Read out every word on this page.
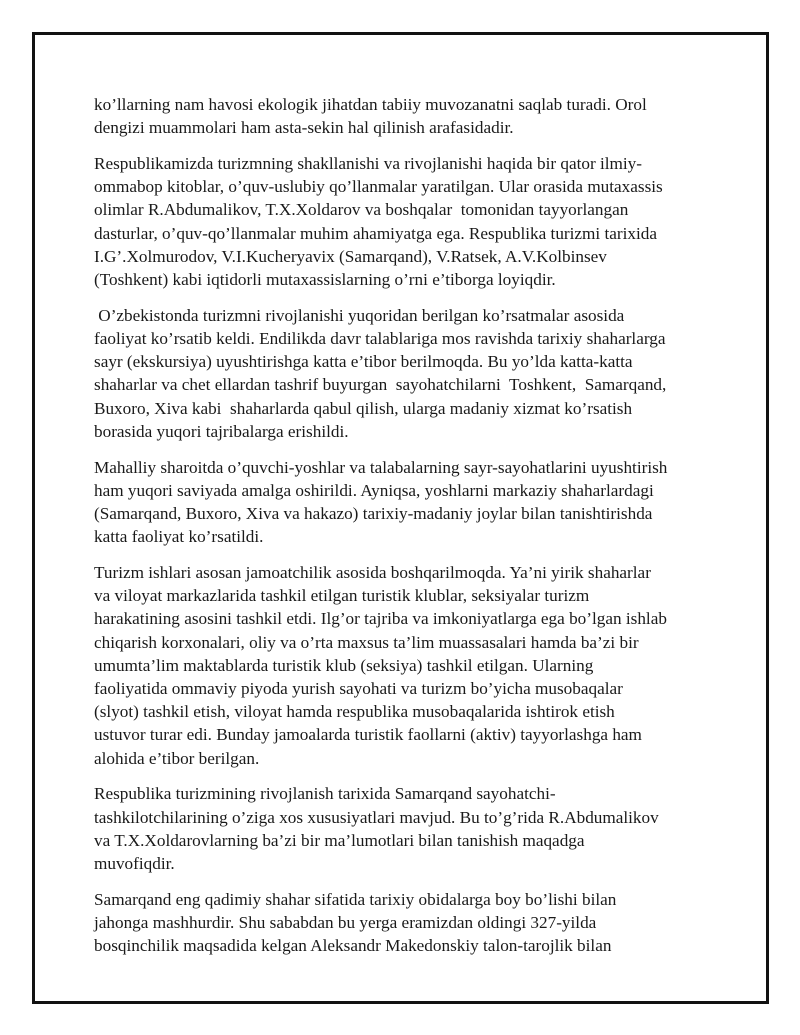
ko’llarning nam havosi ekologik jihatdan tabiiy muvozanatni saqlab turadi. Orol
dengizi muammolari ham asta-sekin hal qilinish arafasidadir.

Respublikamizda turizmning shakllanishi va rivojlanishi haqida bir qator ilmiy-
ommabop kitoblar, o’quv-uslubiy qo’llanmalar yaratilgan. Ular orasida mutaxassis
olimlar R.Abdumalikov, T.X.Xoldarov va boshqalar  tomonidan tayyorlangan
dasturlar, o’quv-qo’llanmalar muhim ahamiyatga ega. Respublika turizmi tarixida
I.G’.Xolmurodov, V.I.Kucheryavix (Samarqand), V.Ratsek, A.V.Kolbinsev
(Toshkent) kabi iqtidorli mutaxassislarning o’rni e’tiborga loyiqdir.

O’zbekistonda turizmni rivojlanishi yuqoridan berilgan ko’rsatmalar asosida
faoliyat ko’rsatib keldi. Endilikda davr talablariga mos ravishda tarixiy shaharlarga
sayr (ekskursiya) uyushtirishga katta e’tibor berilmoqda. Bu yo’lda katta-katta
shaharlar va chet ellardan tashrif buyurgan  sayohatchilarni  Toshkent,  Samarqand,
Buxoro, Xiva kabi  shaharlarda qabul qilish, ularga madaniy xizmat ko’rsatish
borasida yuqori tajribalarga erishildi.

Mahalliy sharoitda o’quvchi-yoshlar va talabalarning sayr-sayohatlarini uyushtirish
ham yuqori saviyada amalga oshirildi. Ayniqsa, yoshlarni markaziy shaharlardagi
(Samarqand, Buxoro, Xiva va hakazo) tarixiy-madaniy joylar bilan tanishtirishda
katta faoliyat ko’rsatildi.

Turizm ishlari asosan jamoatchilik asosida boshqarilmoqda. Ya’ni yirik shaharlar
va viloyat markazlarida tashkil etilgan turistik klublar, seksiyalar turizm
harakatining asosini tashkil etdi. Ilg’or tajriba va imkoniyatlarga ega bo’lgan ishlab
chiqarish korxonalari, oliy va o’rta maxsus ta’lim muassasalari hamda ba’zi bir
umumta’lim maktablarda turistik klub (seksiya) tashkil etilgan. Ularning
faoliyatida ommaviy piyoda yurish sayohati va turizm bo’yicha musobaqalar
(slyot) tashkil etish, viloyat hamda respublika musobaqalarida ishtirok etish
ustuvor turar edi. Bunday jamoalarda turistik faollarni (aktiv) tayyorlashga ham
alohida e’tibor berilgan.

Respublika turizmining rivojlanish tarixida Samarqand sayohatchi-
tashkilotchilarining o’ziga xos xususiyatlari mavjud. Bu to’g’rida R.Abdumalikov
va T.X.Xoldarovlarning ba’zi bir ma’lumotlari bilan tanishish maqadga
muvofiqdir.

Samarqand eng qadimiy shahar sifatida tarixiy obidalarga boy bo’lishi bilan
jahonga mashhurdir. Shu sababdan bu yerga eramizdan oldingi 327-yilda
bosqinchilik maqsadida kelgan Aleksandr Makedonskiy talon-tarojlik bilan
